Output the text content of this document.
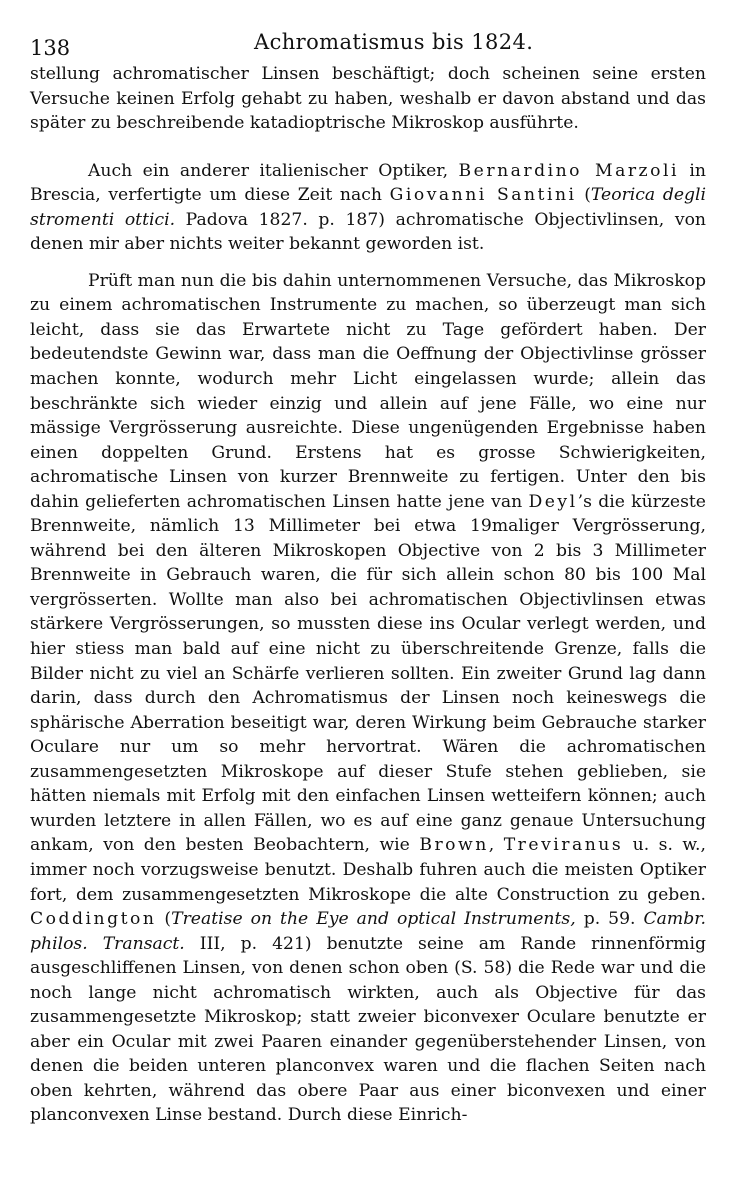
138	Achromatismus bis 1824.

stellung achromatischer Linsen beschäftigt; doch scheinen seine ersten Versuche keinen Erfolg gehabt zu haben, weshalb er davon abstand und das später zu beschreibende katadioptrische Mikroskop ausführte.

Auch ein anderer italienischer Optiker, Bernardino Marzoli in Brescia, verfertigte um diese Zeit nach Giovanni Santini (Teorica degli stromenti ottici. Padova 1827. p. 187) achromatische Objectivlinsen, von denen mir aber nichts weiter bekannt geworden ist.

Prüft man nun die bis dahin unternommenen Versuche, das Mikroskop zu einem achromatischen Instrumente zu machen, so überzeugt man sich leicht, dass sie das Erwartete nicht zu Tage gefördert haben. Der bedeutendste Gewinn war, dass man die Oeffnung der Objectivlinse grösser machen konnte, wodurch mehr Licht eingelassen wurde; allein das beschränkte sich wieder einzig und allein auf jene Fälle, wo eine nur mässige Vergrösserung ausreichte. Diese ungenügenden Ergebnisse haben einen doppelten Grund. Erstens hat es grosse Schwierigkeiten, achromatische Linsen von kurzer Brennweite zu fertigen. Unter den bis dahin gelieferten achromatischen Linsen hatte jene van Deyl’s die kürzeste Brennweite, nämlich 13 Millimeter bei etwa 19maliger Vergrösserung, während bei den älteren Mikroskopen Objective von 2 bis 3 Millimeter Brennweite in Gebrauch waren, die für sich allein schon 80 bis 100 Mal vergrösserten. Wollte man also bei achromatischen Objectivlinsen etwas stärkere Vergrösserungen, so mussten diese ins Ocular verlegt werden, und hier stiess man bald auf eine nicht zu überschreitende Grenze, falls die Bilder nicht zu viel an Schärfe verlieren sollten. Ein zweiter Grund lag dann darin, dass durch den Achromatismus der Linsen noch keineswegs die sphärische Aberration beseitigt war, deren Wirkung beim Gebrauche starker Oculare nur um so mehr hervortrat. Wären die achromatischen zusammengesetzten Mikroskope auf dieser Stufe stehen geblieben, sie hätten niemals mit Erfolg mit den einfachen Linsen wetteifern können; auch wurden letztere in allen Fällen, wo es auf eine ganz genaue Untersuchung ankam, von den besten Beobachtern, wie Brown, Treviranus u. s. w., immer noch vorzugsweise benutzt. Deshalb fuhren auch die meisten Optiker fort, dem zusammengesetzten Mikroskope die alte Construction zu geben. Coddington (Treatise on the Eye and optical Instruments, p. 59. Cambr. philos. Transact. III, p. 421) benutzte seine am Rande rinnenförmig ausgeschliffenen Linsen, von denen schon oben (S. 58) die Rede war und die noch lange nicht achromatisch wirkten, auch als Objective für das zusammengesetzte Mikroskop; statt zweier biconvexer Oculare benutzte er aber ein Ocular mit zwei Paaren einander gegenüberstehender Linsen, von denen die beiden unteren planconvex waren und die flachen Seiten nach oben kehrten, während das obere Paar aus einer biconvexen und einer planconvexen Linse bestand. Durch diese Einrich-
